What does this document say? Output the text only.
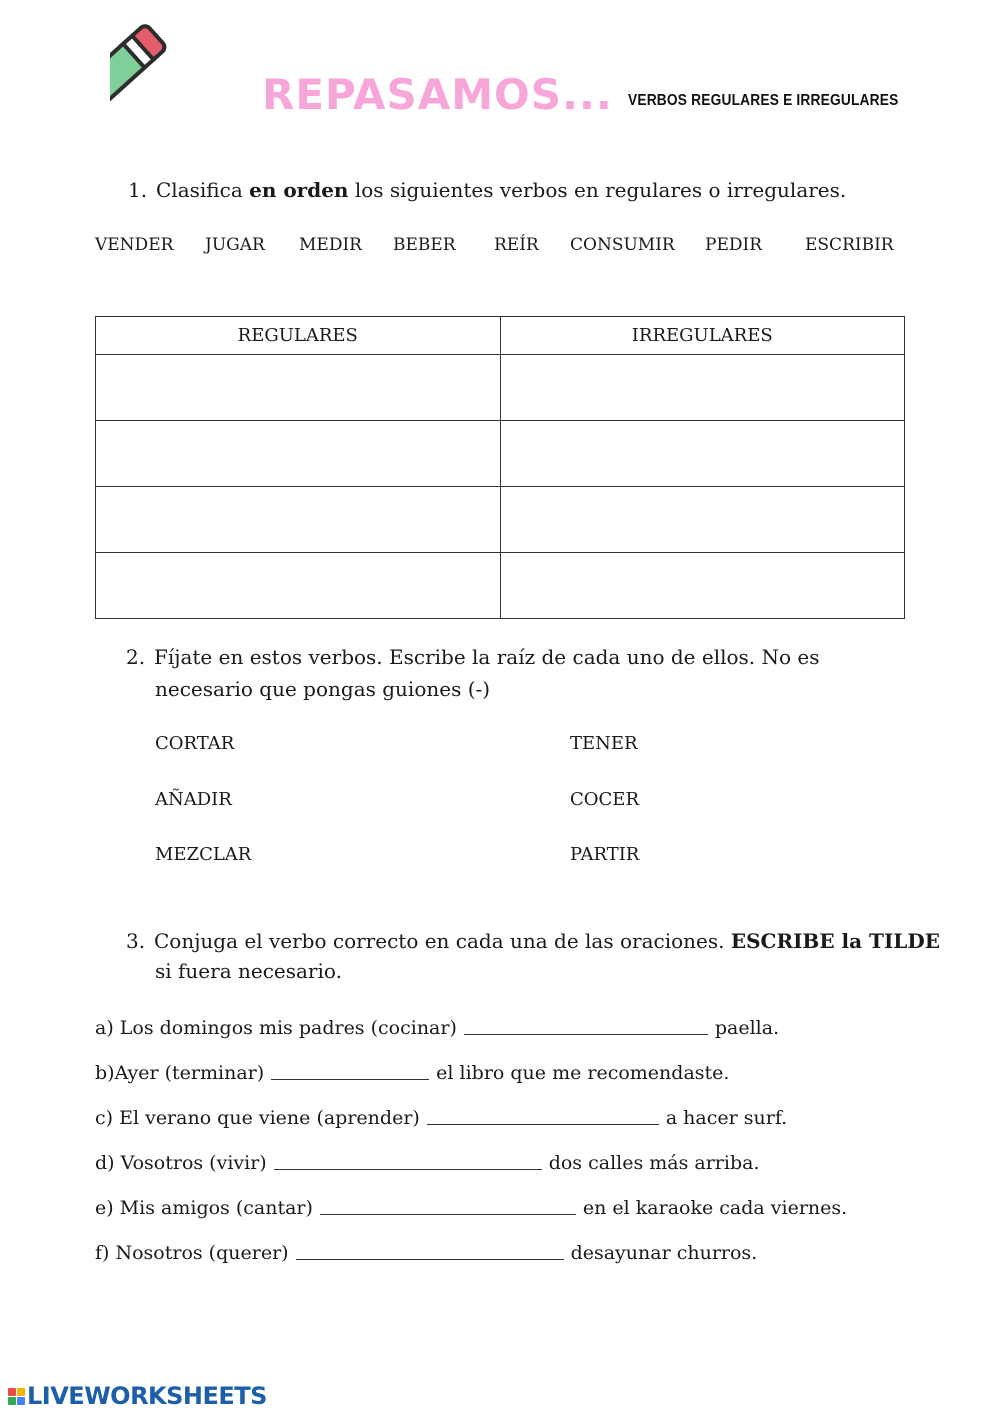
REPASAMOS... VERBOS REGULARES E IRREGULARES
1. Clasifica en orden los siguientes verbos en regulares o irregulares.
VENDER JUGAR MEDIR BEBER REÍR CONSUMIR PEDIR	ESCRIBIR
REGULARES	IRREGULARES

2. Fíjate en estos verbos. Escribe la raíz de cada uno de ellos. No es
necesario que pongas guiones (-)
CORTAR	TENER
AÑADIR	COCER
MEZCLAR	PARTIR
3. Conjuga el verbo correcto en cada una de las oraciones. ESCRIBE la TILDE
si fuera necesario.
a) Los domingos mis padres (cocinar)	paella.
b)Ayer (terminar)	el libro que me recomendaste.
c) El verano que viene (aprender)	a hacer surf.
d) Vosotros (vivir)	dos calles más arriba.
e) Mis amigos (cantar)	en el karaoke cada viernes.
f) Nosotros (querer)	desayunar churros.
LIVEWORKSHEETS
